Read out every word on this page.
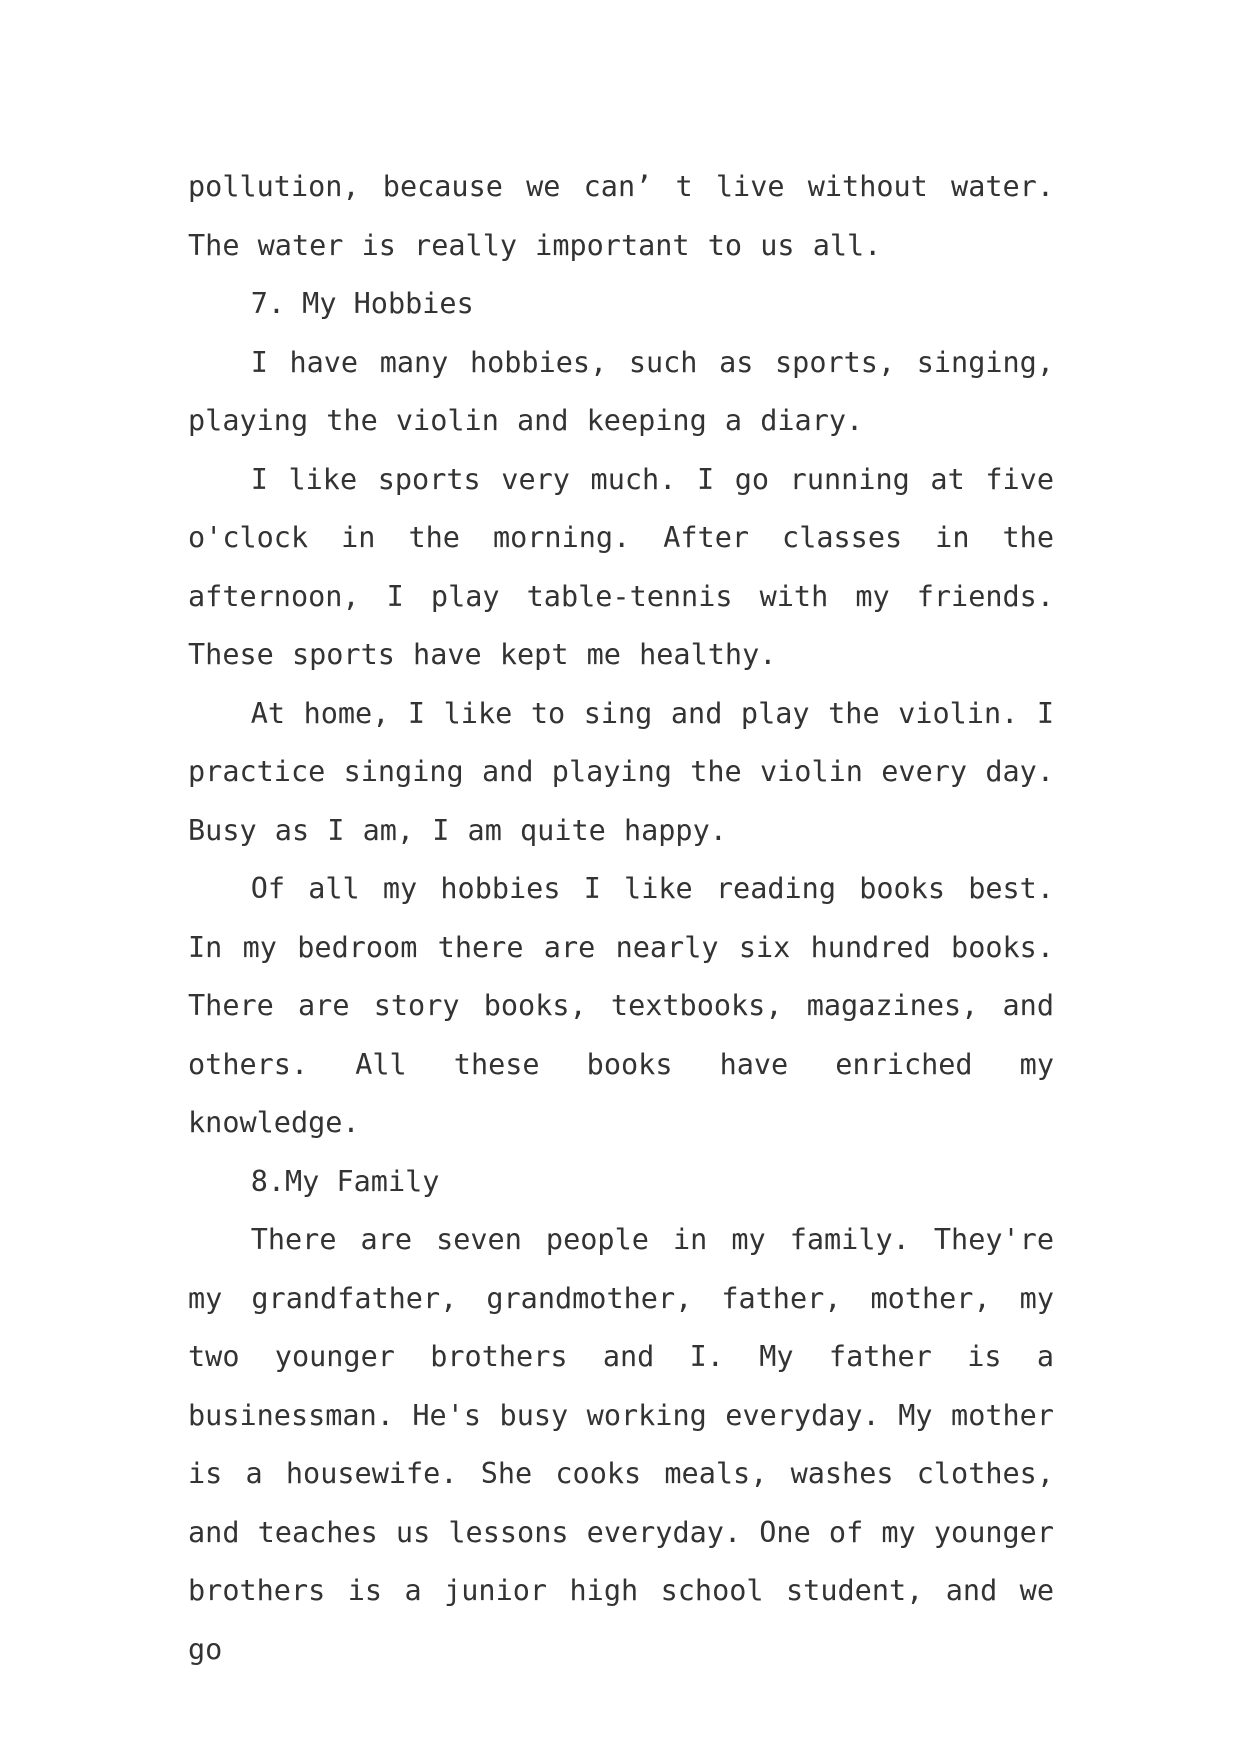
pollution, because we can’ t live without water. The water is really important to us all.

7. My Hobbies

I have many hobbies, such as sports, singing, playing the violin and keeping a diary.

I like sports very much. I go running at five o'clock in the morning. After classes in the afternoon, I play table-tennis with my friends. These sports have kept me healthy.

At home, I like to sing and play the violin. I practice singing and playing the violin every day. Busy as I am, I am quite happy.

Of all my hobbies I like reading books best. In my bedroom there are nearly six hundred books. There are story books, textbooks, magazines, and others. All these books have enriched my knowledge.

8.My Family

There are seven people in my family. They're my grandfather, grandmother, father, mother, my two younger brothers and I. My father is a businessman. He's busy working everyday. My mother is a housewife. She cooks meals, washes clothes, and teaches us lessons everyday. One of my younger brothers is a junior high school student, and we go
